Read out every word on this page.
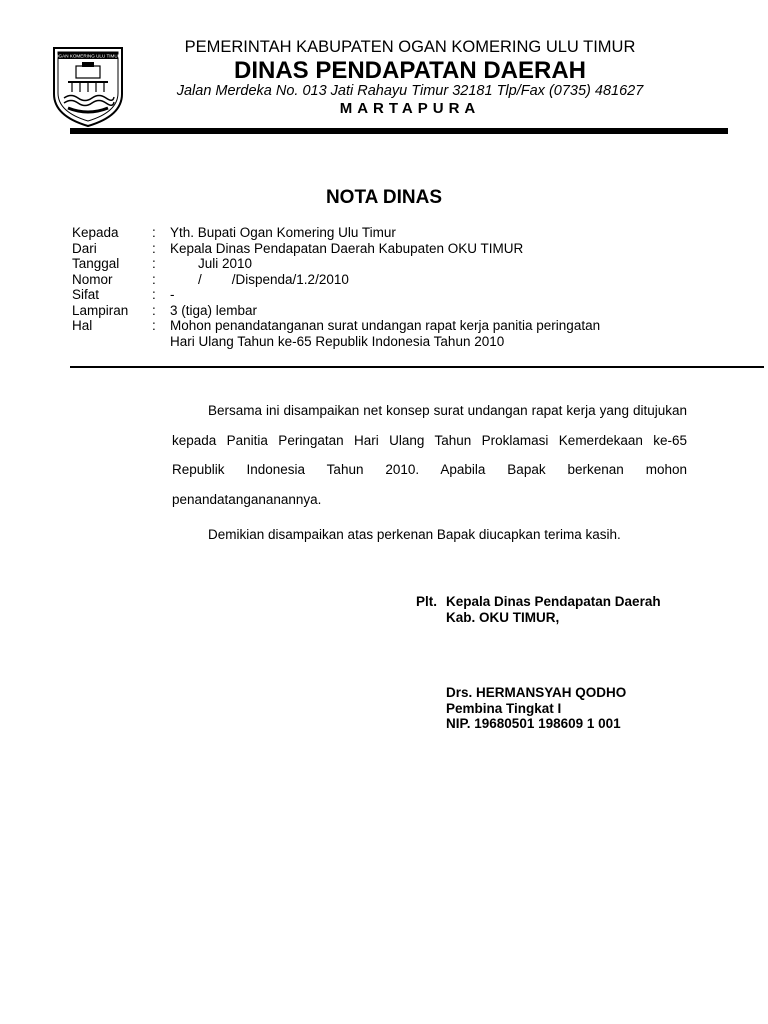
OGAN KOMERING ULU TIMUR
PEMERINTAH KABUPATEN OGAN KOMERING ULU TIMUR
DINAS PENDAPATAN DAERAH
Jalan Merdeka No. 013 Jati Rahayu Timur 32181 Tlp/Fax (0735) 481627
MARTAPURA
NOTA DINAS
Kepada	:	Yth. Bupati Ogan Komering Ulu Timur
Dari	:	Kepala Dinas Pendapatan Daerah Kabupaten OKU TIMUR
Tanggal	:	Juli 2010
Nomor	:	/        /Dispenda/1.2/2010
Sifat	:	-
Lampiran	:	3 (tiga) lembar
Hal	:	Mohon penandatanganan surat undangan rapat kerja panitia peringatan Hari Ulang Tahun ke-65 Republik Indonesia Tahun 2010

Bersama ini disampaikan net konsep surat undangan rapat kerja yang ditujukan kepada Panitia Peringatan Hari Ulang Tahun Proklamasi Kemerdekaan ke-65 Republik Indonesia Tahun 2010. Apabila Bapak berkenan mohon penandatangananannya.

Demikian disampaikan atas perkenan Bapak diucapkan terima kasih.

Plt. Kepala Dinas Pendapatan Daerah
Kab. OKU TIMUR,
Drs. HERMANSYAH QODHO
Pembina Tingkat I
NIP. 19680501 198609 1 001
